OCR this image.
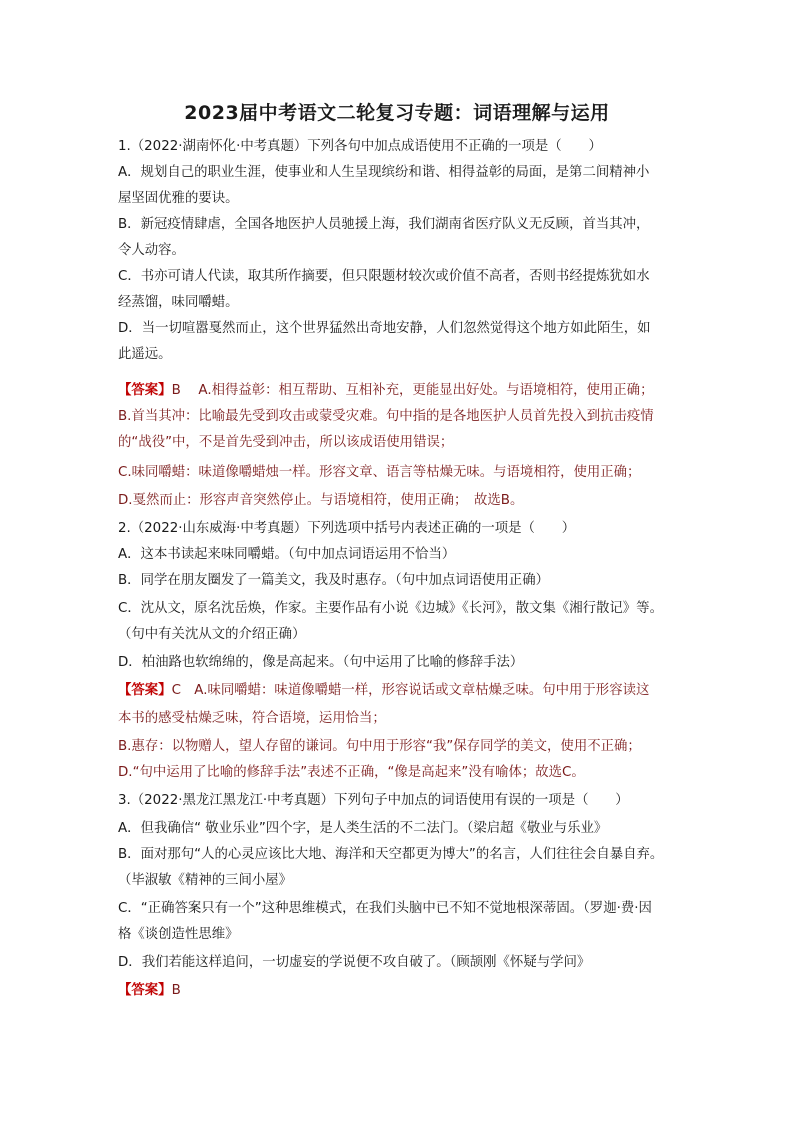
2023届中考语文二轮复习专题：词语理解与运用
1.（2022·湖南怀化·中考真题）下列各句中加点成语使用不正确的一项是（　　）
A．规划自己的职业生涯，使事业和人生呈现缤纷和谐、相得益彰的局面，是第二间精神小
屋坚固优雅的要诀。
B．新冠疫情肆虐，全国各地医护人员驰援上海，我们湖南省医疗队义无反顾，首当其冲，
令人动容。
C．书亦可请人代读，取其所作摘要，但只限题材较次或价值不高者，否则书经提炼犹如水
经蒸馏，味同嚼蜡。
D．当一切喧嚣戛然而止，这个世界猛然出奇地安静，人们忽然觉得这个地方如此陌生，如
此遥远。
【答案】B　 A.相得益彰：相互帮助、互相补充，更能显出好处。与语境相符，使用正确；
B.首当其冲：比喻最先受到攻击或蒙受灾难。句中指的是各地医护人员首先投入到抗击疫情
的“战役”中，不是首先受到冲击，所以该成语使用错误；
C.味同嚼蜡：味道像嚼蜡烛一样。形容文章、语言等枯燥无味。与语境相符，使用正确；
D.戛然而止：形容声音突然停止。与语境相符，使用正确；　故选B。
2.（2022·山东威海·中考真题）下列选项中括号内表述正确的一项是（　　）
A．这本书读起来味同嚼蜡。（句中加点词语运用不恰当）
B．同学在朋友圈发了一篇美文，我及时惠存。（句中加点词语使用正确）
C．沈从文，原名沈岳焕，作家。主要作品有小说《边城》《长河》，散文集《湘行散记》等。
（句中有关沈从文的介绍正确）
D．柏油路也软绵绵的，像是高起来。（句中运用了比喻的修辞手法）
【答案】C　A.味同嚼蜡：味道像嚼蜡一样，形容说话或文章枯燥乏味。句中用于形容读这
本书的感受枯燥乏味，符合语境，运用恰当；
B.惠存：以物赠人，望人存留的谦词。句中用于形容“我”保存同学的美文，使用不正确；
D.“句中运用了比喻的修辞手法”表述不正确，“像是高起来”没有喻体；故选C。
3.（2022·黑龙江黑龙江·中考真题）下列句子中加点的词语使用有误的一项是（　　）
A．但我确信“ 敬业乐业”四个字，是人类生活的不二法门。（梁启超《敬业与乐业》
B．面对那句“人的心灵应该比大地、海洋和天空都更为博大”的名言，人们往往会自暴自弃。
（毕淑敏《精神的三间小屋》
C．“正确答案只有一个”这种思维模式，在我们头脑中已不知不觉地根深蒂固。（罗迦·费·因
格《谈创造性思维》
D．我们若能这样追问，一切虚妄的学说便不攻自破了。（顾颉刚《怀疑与学问》
【答案】B
